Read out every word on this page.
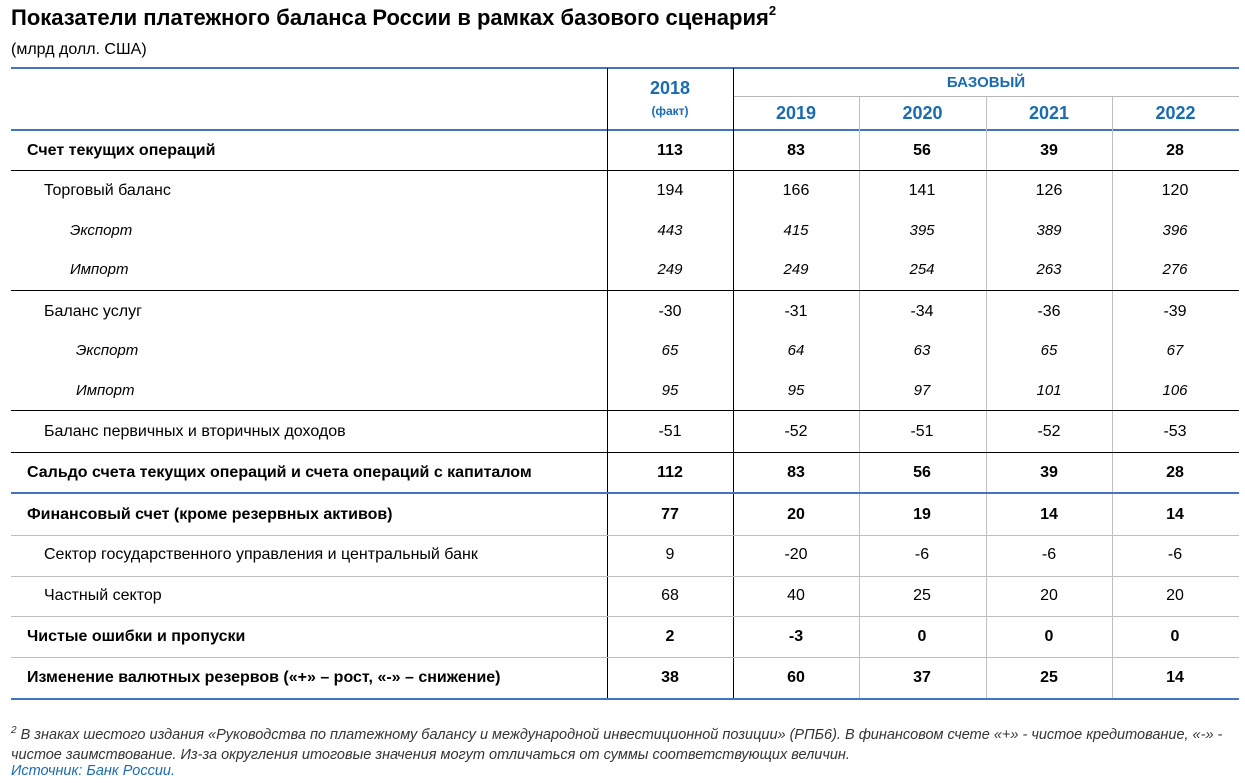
Показатели платежного баланса России в рамках базового сценария$^2$
(млрд долл. США)
2018
(факт)
БАЗОВЫЙ
2019	2020	2021	2022
Счет текущих операций	113	83	56	39	28
Торговый баланс	194	166	141	126	120
Экспорт	443	415	395	389	396
Импорт	249	249	254	263	276
Баланс услуг	-30	-31	-34	-36	-39
Экспорт	65	64	63	65	67
Импорт	95	95	97	101	106
Баланс первичных и вторичных доходов	-51	-52	-51	-52	-53
Сальдо счета текущих операций и счета операций с капиталом	112	83	56	39	28
Финансовый счет (кроме резервных активов)	77	20	19	14	14
Сектор государственного управления и центральный банк	9	-20	-6	-6	-6
Частный сектор	68	40	25	20	20
Чистые ошибки и пропуски	2	-3	0	0	0
Изменение валютных резервов («+» – рост, «-» – снижение)	38	60	37	25	14
$^2$ В знаках шестого издания «Руководства по платежному балансу и международной инвестиционной позиции» (РПБ6). В финансовом счете «+» - чистое кредитование, «-» - чистое заимствование. Из-за округления итоговые значения могут отличаться от суммы соответствующих величин.
Источник: Банк России.
